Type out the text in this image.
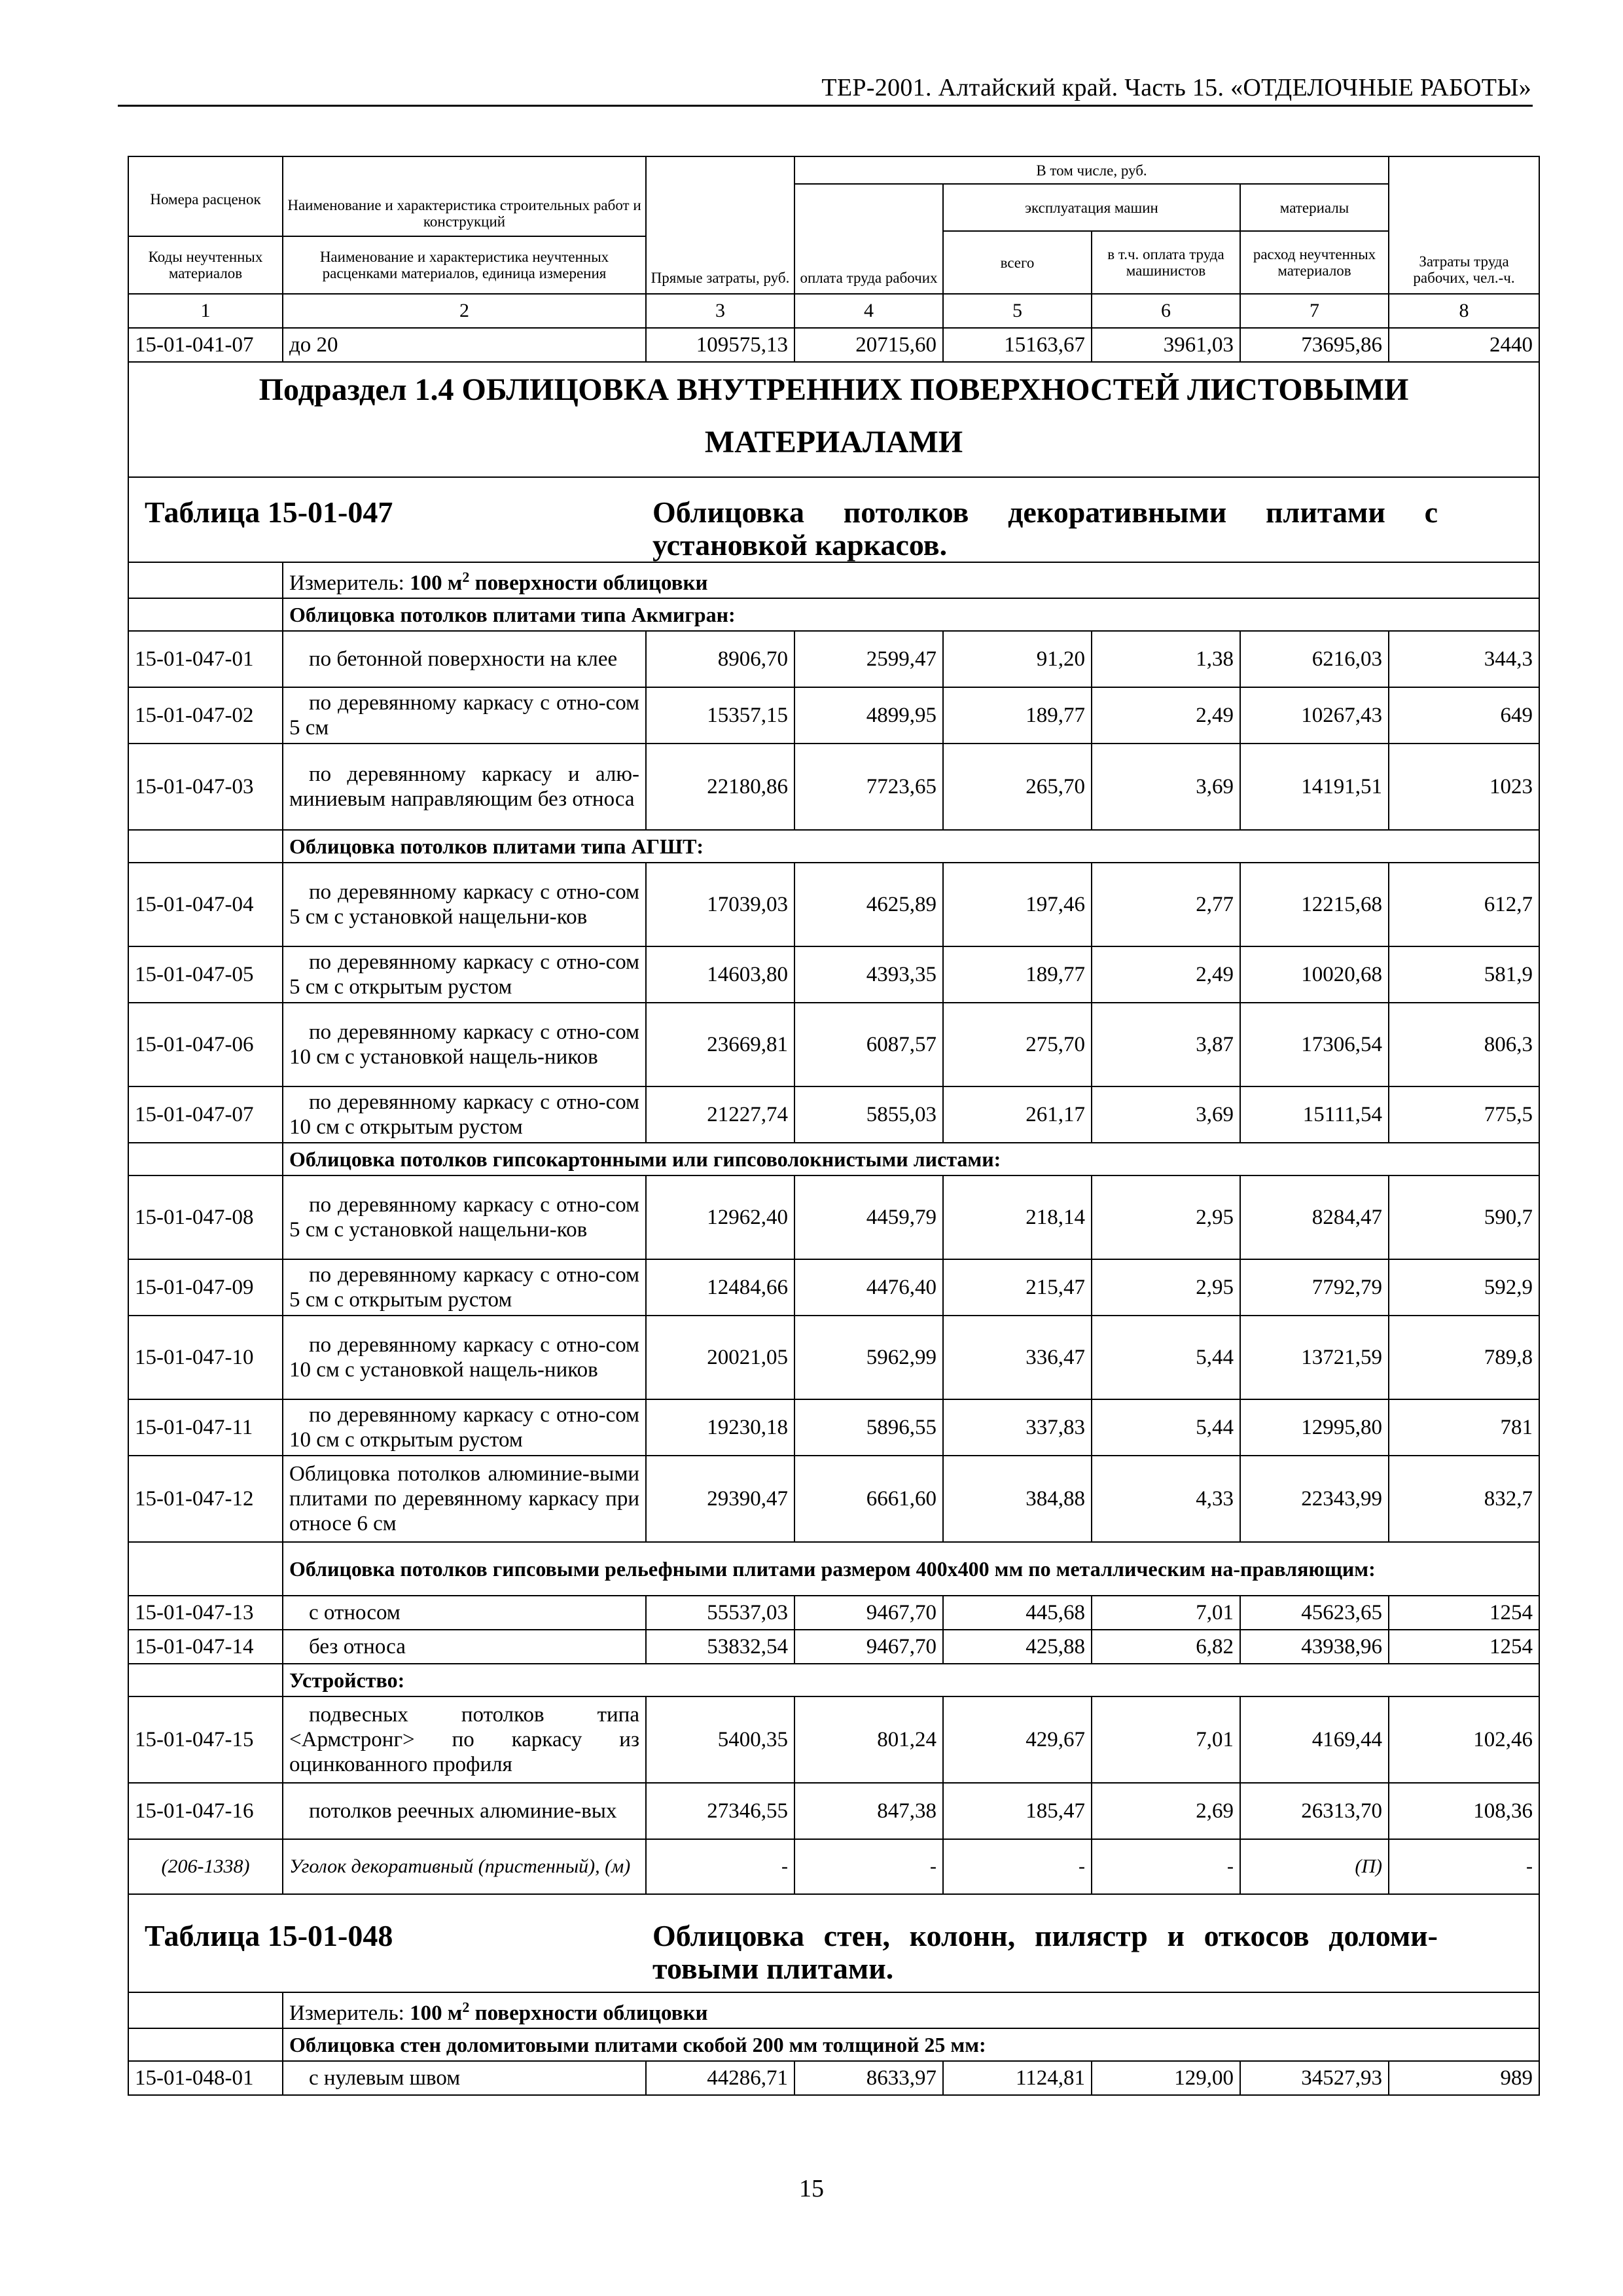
ТЕР-2001. Алтайский край. Часть 15. «ОТДЕЛОЧНЫЕ РАБОТЫ»
Номера расценок	Наименование и характеристика строительных работ и конструкций	Прямые затраты, руб.	В том числе, руб.				Затраты труда рабочих, чел.-ч.

			оплата труда рабочих	эксплуатация машин		материалы	
				всего	в т.ч. оплата труда машинистов	расход неучтенных материалов	
Коды неучтенных материалов	Наименование и характеристика неучтенных расценками материалов, единица измерения						
1	2	3	4	5	6	7	8
15-01-041-07	до 20	109575,13	20715,60	15163,67	3961,03	73695,86	2440

Подраздел 1.4 ОБЛИЦОВКА ВНУТРЕННИХ ПОВЕРХНОСТЕЙ ЛИСТОВЫМИ
МАТЕРИАЛАМИ							

Таблица 15-01-047 Облицовка потолков декоративными плитами с установкой каркасов.							

	Измеритель: 100 $м^2$ поверхности облицовки						
	Облицовка потолков плитами типа Акмигран:						
15-01-047-01	по бетонной поверхности на клее	8906,70	2599,47	91,20	1,38	6216,03	344,3
15-01-047-02	по деревянному каркасу с отно-сом 5 см	15357,15	4899,95	189,77	2,49	10267,43	649
15-01-047-03	по деревянному каркасу и алю-миниевым направляющим без относа	22180,86	7723,65	265,70	3,69	14191,51	1023
	Облицовка потолков плитами типа АГШТ:						
15-01-047-04	по деревянному каркасу с отно-сом 5 см с установкой нащельни-ков	17039,03	4625,89	197,46	2,77	12215,68	612,7
15-01-047-05	по деревянному каркасу с отно-сом 5 см с открытым рустом	14603,80	4393,35	189,77	2,49	10020,68	581,9
15-01-047-06	по деревянному каркасу с отно-сом 10 см с установкой нащель-ников	23669,81	6087,57	275,70	3,87	17306,54	806,3
15-01-047-07	по деревянному каркасу с отно-сом 10 см с открытым рустом	21227,74	5855,03	261,17	3,69	15111,54	775,5
	Облицовка потолков гипсокартонными или гипсоволокнистыми листами:						
15-01-047-08	по деревянному каркасу с отно-сом 5 см с установкой нащельни-ков	12962,40	4459,79	218,14	2,95	8284,47	590,7
15-01-047-09	по деревянному каркасу с отно-сом 5 см с открытым рустом	12484,66	4476,40	215,47	2,95	7792,79	592,9
15-01-047-10	по деревянному каркасу с отно-сом 10 см с установкой нащель-ников	20021,05	5962,99	336,47	5,44	13721,59	789,8
15-01-047-11	по деревянному каркасу с отно-сом 10 см с открытым рустом	19230,18	5896,55	337,83	5,44	12995,80	781
15-01-047-12	Облицовка потолков алюминие-выми плитами по деревянному каркасу при относе 6 см	29390,47	6661,60	384,88	4,33	22343,99	832,7
	Облицовка потолков гипсовыми рельефными плитами размером 400х400 мм по металлическим на-правляющим:						
15-01-047-13	с относом	55537,03	9467,70	445,68	7,01	45623,65	1254
15-01-047-14	без относа	53832,54	9467,70	425,88	6,82	43938,96	1254
	Устройство:						
15-01-047-15	подвесных потолков типа <Армстронг> по каркасу из оцинкованного профиля	5400,35	801,24	429,67	7,01	4169,44	102,46
15-01-047-16	потолков реечных алюминие-вых	27346,55	847,38	185,47	2,69	26313,70	108,36
(206-1338)	Уголок декоративный (пристенный), (м)	-	-	-	-	(П)	-

Таблица 15-01-048 Облицовка стен, колонн, пилястр и откосов доломи-товыми плитами.							

	Измеритель: 100 $м^2$ поверхности облицовки						
	Облицовка стен доломитовыми плитами скобой 200 мм толщиной 25 мм:						
15-01-048-01	с нулевым швом	44286,71	8633,97	1124,81	129,00	34527,93	989
15
